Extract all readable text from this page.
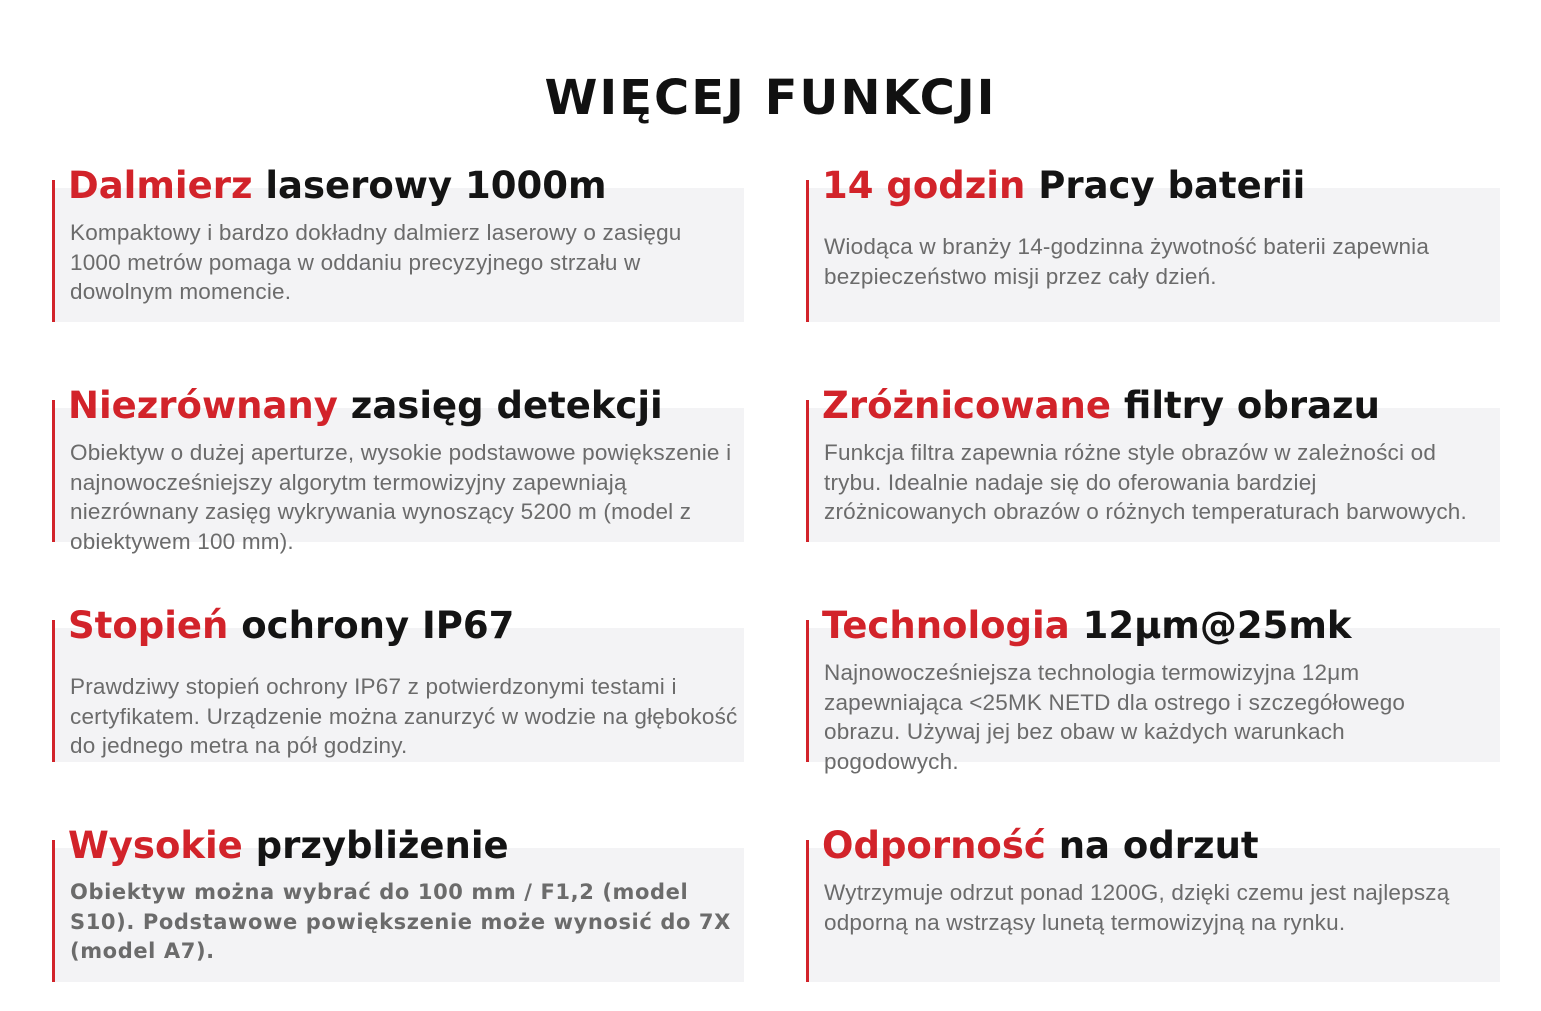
WIĘCEJ FUNKCJI
Dalmierz laserowy 1000m

Kompaktowy i bardzo dokładny dalmierz laserowy o zasięgu 1000 metrów pomaga w oddaniu precyzyjnego strzału w dowolnym momencie.

14 godzin Pracy baterii

Wiodąca w branży 14-godzinna żywotność baterii zapewnia bezpieczeństwo misji przez cały dzień.

Niezrównany zasięg detekcji

Obiektyw o dużej aperturze, wysokie podstawowe powiększenie i najnowocześniejszy algorytm termowizyjny zapewniają niezrównany zasięg wykrywania wynoszący 5200 m (model z obiektywem 100 mm).

Zróżnicowane filtry obrazu

Funkcja filtra zapewnia różne style obrazów w zależności od trybu. Idealnie nadaje się do oferowania bardziej zróżnicowanych obrazów o różnych temperaturach barwowych.

Stopień ochrony IP67

Prawdziwy stopień ochrony IP67 z potwierdzonymi testami i certyfikatem. Urządzenie można zanurzyć w wodzie na głębokość do jednego metra na pół godziny.

Technologia 12μm@25mk

Najnowocześniejsza technologia termowizyjna 12μm zapewniająca <25MK NETD dla ostrego i szczegółowego obrazu. Używaj jej bez obaw w każdych warunkach pogodowych.

Wysokie przybliżenie

Obiektyw można wybrać do 100 mm / F1,2 (model S10). Podstawowe powiększenie może wynosić do 7X (model A7).

Odporność na odrzut

Wytrzymuje odrzut ponad 1200G, dzięki czemu jest najlepszą odporną na wstrząsy lunetą termowizyjną na rynku.
